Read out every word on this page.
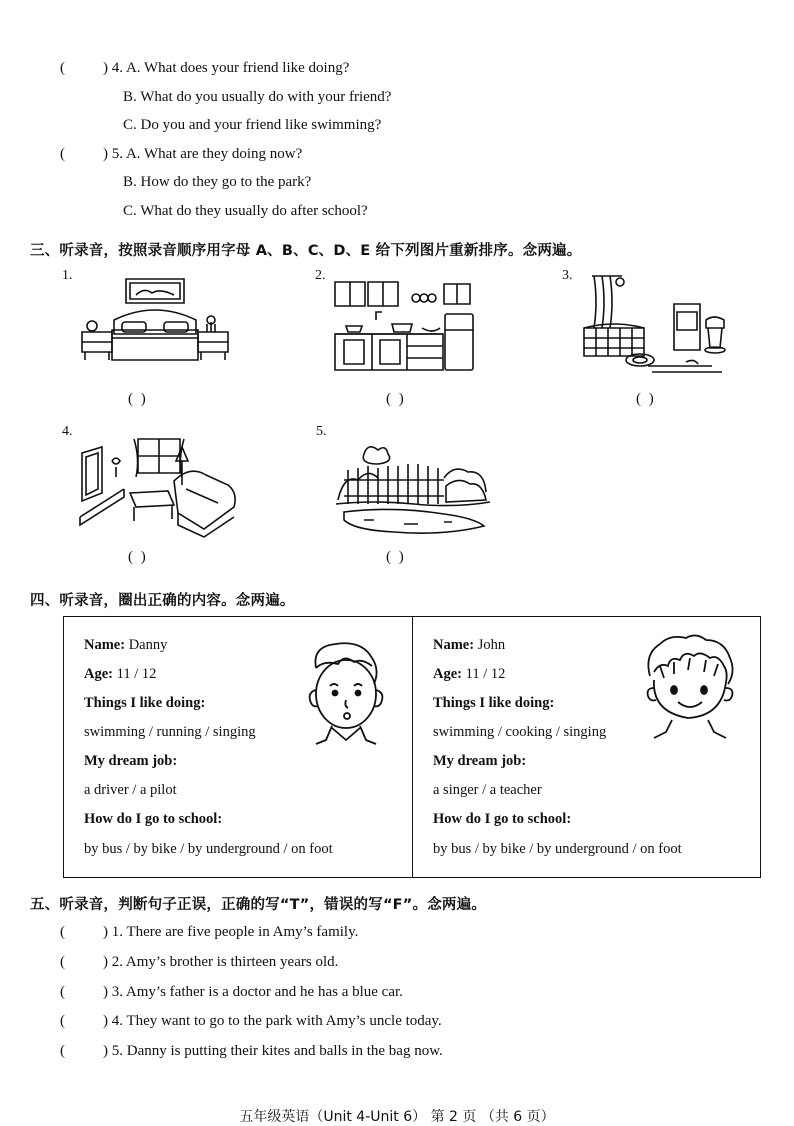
(	) 4. A. What does your friend like doing?
B. What do you usually do with your friend?
C. Do you and your friend like swimming?
(	) 5. A. What are they doing now?
B. How do they go to the park?
C. What do they usually do after school?
三、听录音，按照录音顺序用字母 A、B、C、D、E 给下列图片重新排序。念两遍。
1.
( )
2.
( )
3.
( )
4.
( )
5.
( )
四、听录音，圈出正确的内容。念两遍。
Name: Danny
Age: 11 / 12
Things I like doing:
swimming / running / singing
My dream job:
a driver / a pilot
How do I go to school:
by bus / by bike / by underground / on foot
Name: John
Age: 11 / 12
Things I like doing:
swimming / cooking / singing
My dream job:
a singer / a teacher
How do I go to school:
by bus / by bike / by underground / on foot
五、听录音，判断句子正误，正确的写“T”，错误的写“F”。念两遍。
(	) 1. There are five people in Amy’s family.
(	) 2. Amy’s brother is thirteen years old.
(	) 3. Amy’s father is a doctor and he has a blue car.
(	) 4. They want to go to the park with Amy’s uncle today.
(	) 5. Danny is putting their kites and balls in the bag now.
五年级英语（Unit 4-Unit 6） 第 2 页 （共 6 页）
